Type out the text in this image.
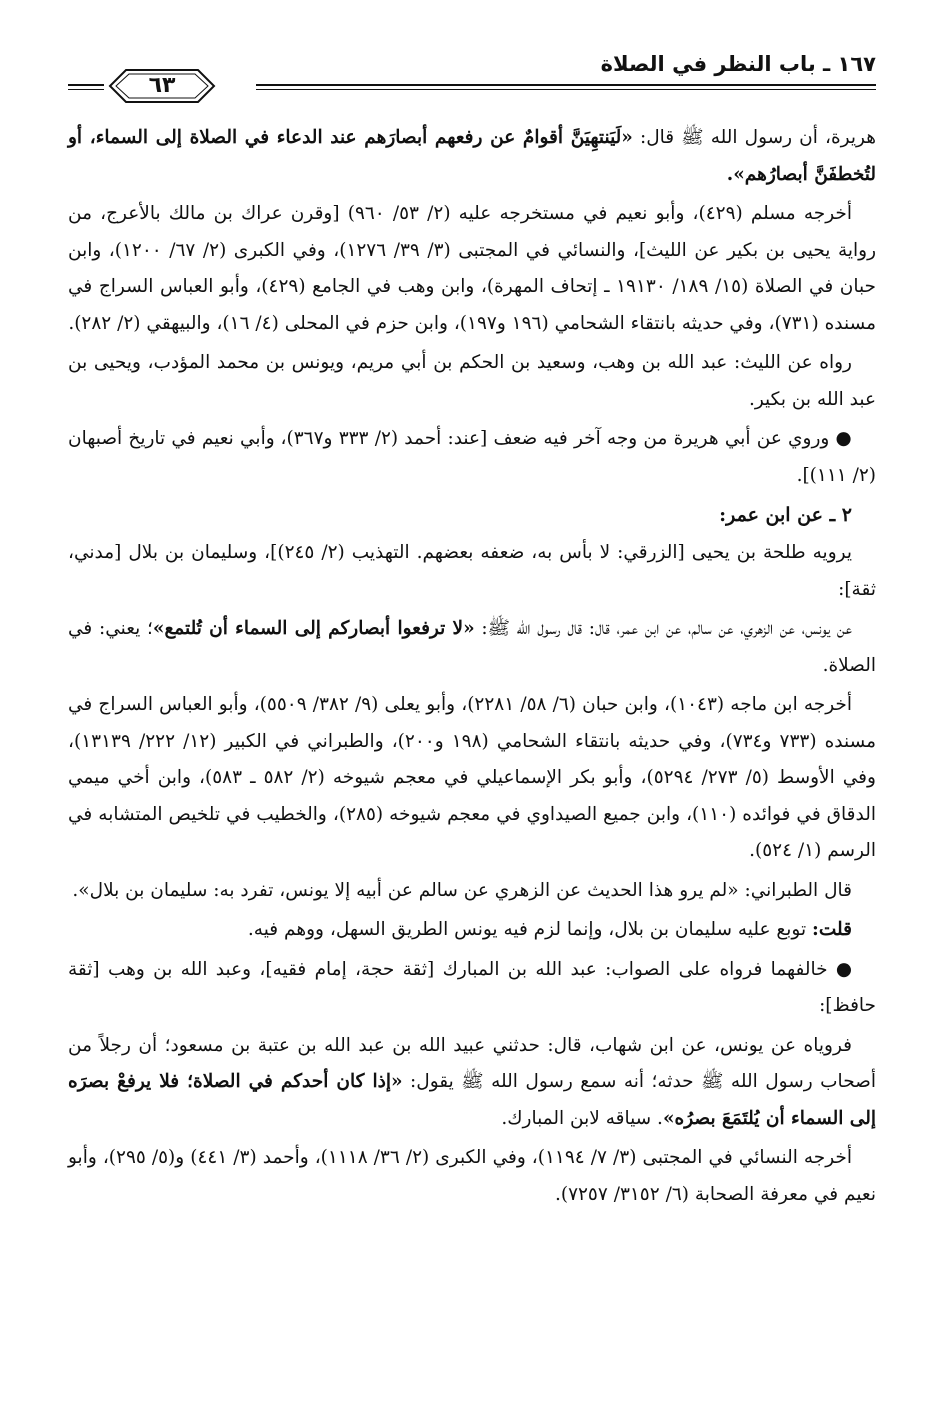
١٦٧ ـ باب النظر في الصلاة
٦٣

هريرة، أن رسول الله ﷺ قال: «لَيَنتهِيَنَّ أقوامٌ عن رفعهم أبصارَهم عند الدعاء في الصلاة إلى السماء، أو لتُخطفَنَّ أبصارُهم».

أخرجه مسلم (٤٢٩)، وأبو نعيم في مستخرجه عليه (٢/ ٥٣/ ٩٦٠) [وقرن عراك بن مالك بالأعرج، من رواية يحيى بن بكير عن الليث]، والنسائي في المجتبى (٣/ ٣٩/ ١٢٧٦)، وفي الكبرى (٢/ ٦٧/ ١٢٠٠)، وابن حبان في الصلاة (١٥/ ١٨٩/ ١٩١٣٠ ـ إتحاف المهرة)، وابن وهب في الجامع (٤٢٩)، وأبو العباس السراج في مسنده (٧٣١)، وفي حديثه بانتقاء الشحامي (١٩٦ و١٩٧)، وابن حزم في المحلى (٤/ ١٦)، والبيهقي (٢/ ٢٨٢).

رواه عن الليث: عبد الله بن وهب، وسعيد بن الحكم بن أبي مريم، ويونس بن محمد المؤدب، ويحيى بن عبد الله بن بكير.

● وروي عن أبي هريرة من وجه آخر فيه ضعف [عند: أحمد (٢/ ٣٣٣ و٣٦٧)، وأبي نعيم في تاريخ أصبهان (٢/ ١١١)].

٢ ـ عن ابن عمر:

يرويه طلحة بن يحيى [الزرقي: لا بأس به، ضعفه بعضهم. التهذيب (٢/ ٢٤٥)]، وسليمان بن بلال [مدني، ثقة]:

عن يونس، عن الزهري، عن سالم، عن ابن عمر، قال: قال رسول الله ﷺ: «لا ترفعوا أبصاركم إلى السماء أن تُلتمع»؛ يعني: في الصلاة.

أخرجه ابن ماجه (١٠٤٣)، وابن حبان (٦/ ٥٨/ ٢٢٨١)، وأبو يعلى (٩/ ٣٨٢/ ٥٥٠٩)، وأبو العباس السراج في مسنده (٧٣٣ و٧٣٤)، وفي حديثه بانتقاء الشحامي (١٩٨ و٢٠٠)، والطبراني في الكبير (١٢/ ٢٢٢/ ١٣١٣٩)، وفي الأوسط (٥/ ٢٧٣/ ٥٢٩٤)، وأبو بكر الإسماعيلي في معجم شيوخه (٢/ ٥٨٢ ـ ٥٨٣)، وابن أخي ميمي الدقاق في فوائده (١١٠)، وابن جميع الصيداوي في معجم شيوخه (٢٨٥)، والخطيب في تلخيص المتشابه في الرسم (١/ ٥٢٤).

قال الطبراني: «لم يرو هذا الحديث عن الزهري عن سالم عن أبيه إلا يونس، تفرد به: سليمان بن بلال».

قلت: توبع عليه سليمان بن بلال، وإنما لزم فيه يونس الطريق السهل، ووهم فيه.

● خالفهما فرواه على الصواب: عبد الله بن المبارك [ثقة حجة، إمام فقيه]، وعبد الله بن وهب [ثقة حافظ]:

فروياه عن يونس، عن ابن شهاب، قال: حدثني عبيد الله بن عبد الله بن عتبة بن مسعود؛ أن رجلاً من أصحاب رسول الله ﷺ حدثه؛ أنه سمع رسول الله ﷺ يقول: «إذا كان أحدكم في الصلاة؛ فلا يرفعْ بصرَه إلى السماء أن يُلتَمَعَ بصرُه». سياقه لابن المبارك.

أخرجه النسائي في المجتبى (٣/ ٧/ ١١٩٤)، وفي الكبرى (٢/ ٣٦/ ١١١٨)، وأحمد (٣/ ٤٤١) و(٥/ ٢٩٥)، وأبو نعيم في معرفة الصحابة (٦/ ٣١٥٢/ ٧٢٥٧).
